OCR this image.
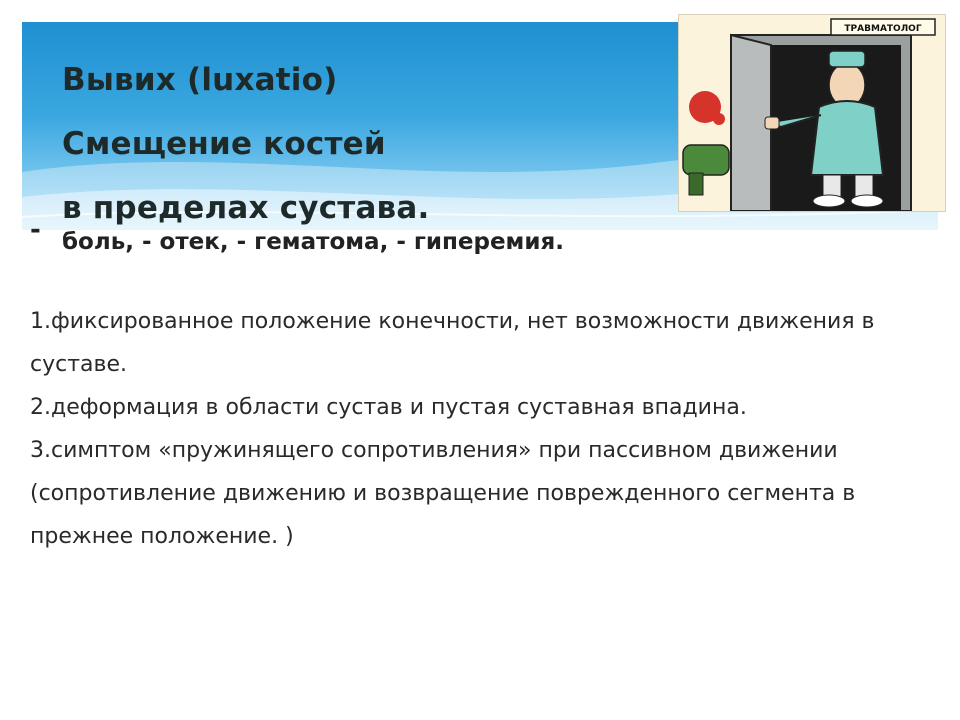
Вывих (luxatio)
Смещение костей
в пределах сустава.
ТРАВМАТОЛОГ
- боль, - отек, - гематома, - гиперемия.

1.фиксированное положение конечности, нет возможности движения в суставе.

2.деформация в области сустав и пустая суставная впадина.

3.симптом «пружинящего сопротивления» при пассивном движении (сопротивление движению и возвращение поврежденного сегмента в прежнее положение. )
